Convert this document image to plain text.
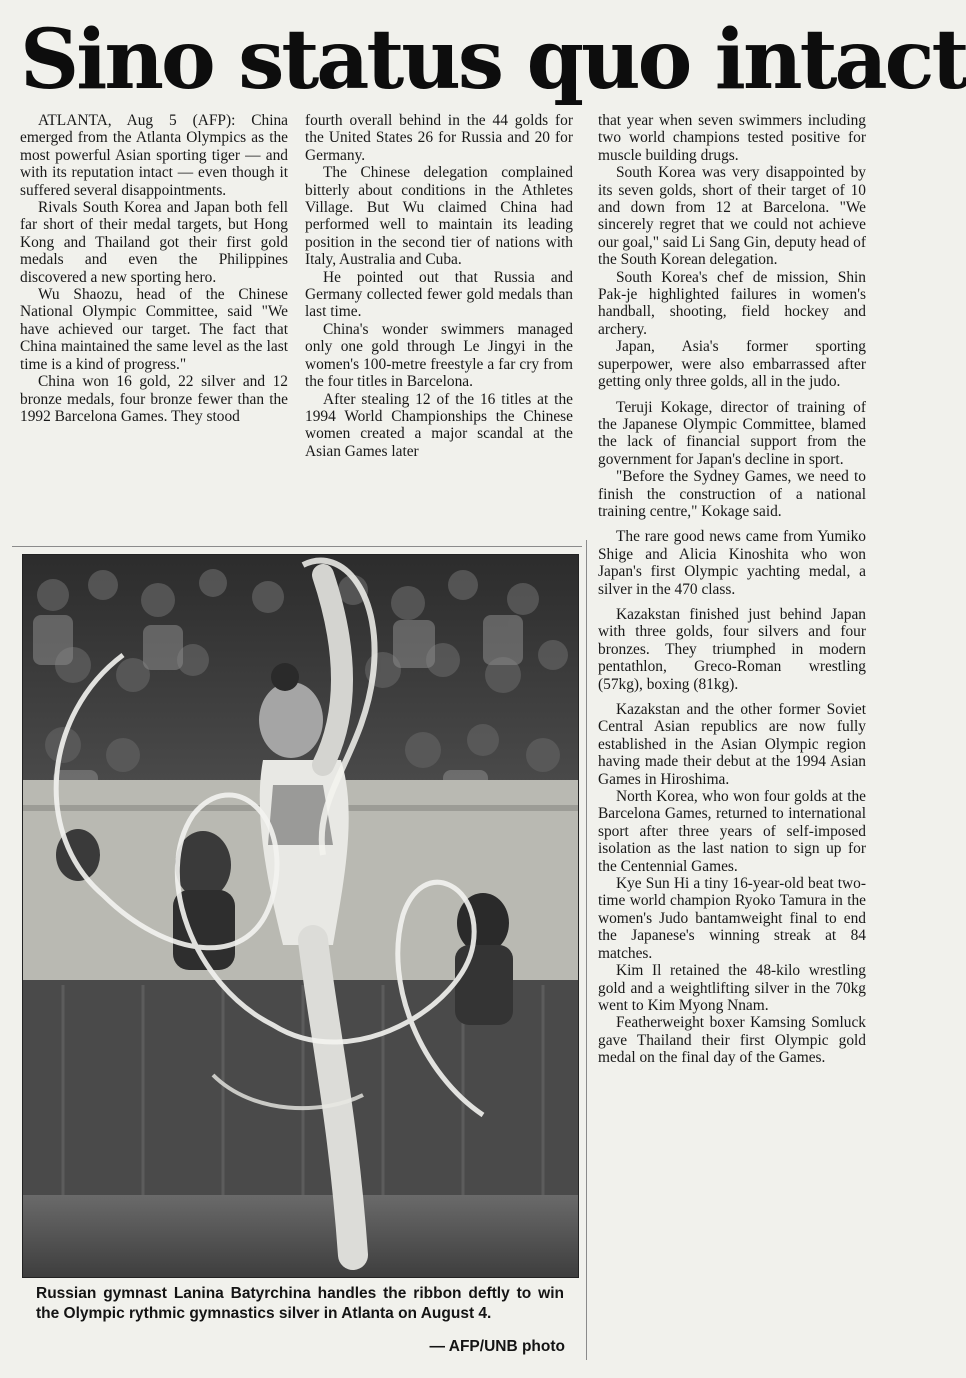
Sino status quo intact

ATLANTA, Aug 5 (AFP): China emerged from the Atlanta Olympics as the most powerful Asian sporting tiger — and with its reputation intact — even though it suffered several disappointments.

Rivals South Korea and Japan both fell far short of their medal targets, but Hong Kong and Thailand got their first gold medals and even the Philippines discovered a new sporting hero.

Wu Shaozu, head of the Chinese National Olympic Committee, said "We have achieved our target. The fact that China maintained the same level as the last time is a kind of progress."

China won 16 gold, 22 silver and 12 bronze medals, four bronze fewer than the 1992 Barcelona Games. They stood

fourth overall behind in the 44 golds for the United States 26 for Russia and 20 for Germany.

The Chinese delegation complained bitterly about conditions in the Athletes Village. But Wu claimed China had performed well to maintain its leading position in the second tier of nations with Italy, Australia and Cuba.

He pointed out that Russia and Germany collected fewer gold medals than last time.

China's wonder swimmers managed only one gold through Le Jingyi in the women's 100-metre freestyle a far cry from the four titles in Barcelona.

After stealing 12 of the 16 titles at the 1994 World Championships the Chinese women created a major scandal at the Asian Games later

that year when seven swimmers including two world champions tested positive for muscle building drugs.

South Korea was very disappointed by its seven golds, short of their target of 10 and down from 12 at Barcelona. "We sincerely regret that we could not achieve our goal," said Li Sang Gin, deputy head of the South Korean delegation.

South Korea's chef de mission, Shin Pak-je highlighted failures in women's handball, shooting, field hockey and archery.

Japan, Asia's former sporting superpower, were also embarrassed after getting only three golds, all in the judo.

Teruji Kokage, director of training of the Japanese Olympic Committee, blamed the lack of financial support from the government for Japan's decline in sport.

"Before the Sydney Games, we need to finish the construction of a national training centre," Kokage said.

The rare good news came from Yumiko Shige and Alicia Kinoshita who won Japan's first Olympic yachting medal, a silver in the 470 class.

Kazakstan finished just behind Japan with three golds, four silvers and four bronzes. They triumphed in modern pentathlon, Greco-Roman wrestling (57kg), boxing (81kg).

Kazakstan and the other former Soviet Central Asian republics are now fully established in the Asian Olympic region having made their debut at the 1994 Asian Games in Hiroshima.

North Korea, who won four golds at the Barcelona Games, returned to international sport after three years of self-imposed isolation as the last nation to sign up for the Centennial Games.

Kye Sun Hi a tiny 16-year-old beat two-time world champion Ryoko Tamura in the women's Judo bantamweight final to end the Japanese's winning streak at 84 matches.

Kim Il retained the 48-kilo wrestling gold and a weightlifting silver in the 70kg went to Kim Myong Nnam.

Featherweight boxer Kamsing Somluck gave Thailand their first Olympic gold medal on the final day of the Games.

Russian gymnast Lanina Batyrchina handles the ribbon deftly to win the Olympic rythmic gymnastics silver in Atlanta on August 4.
— AFP/UNB photo
